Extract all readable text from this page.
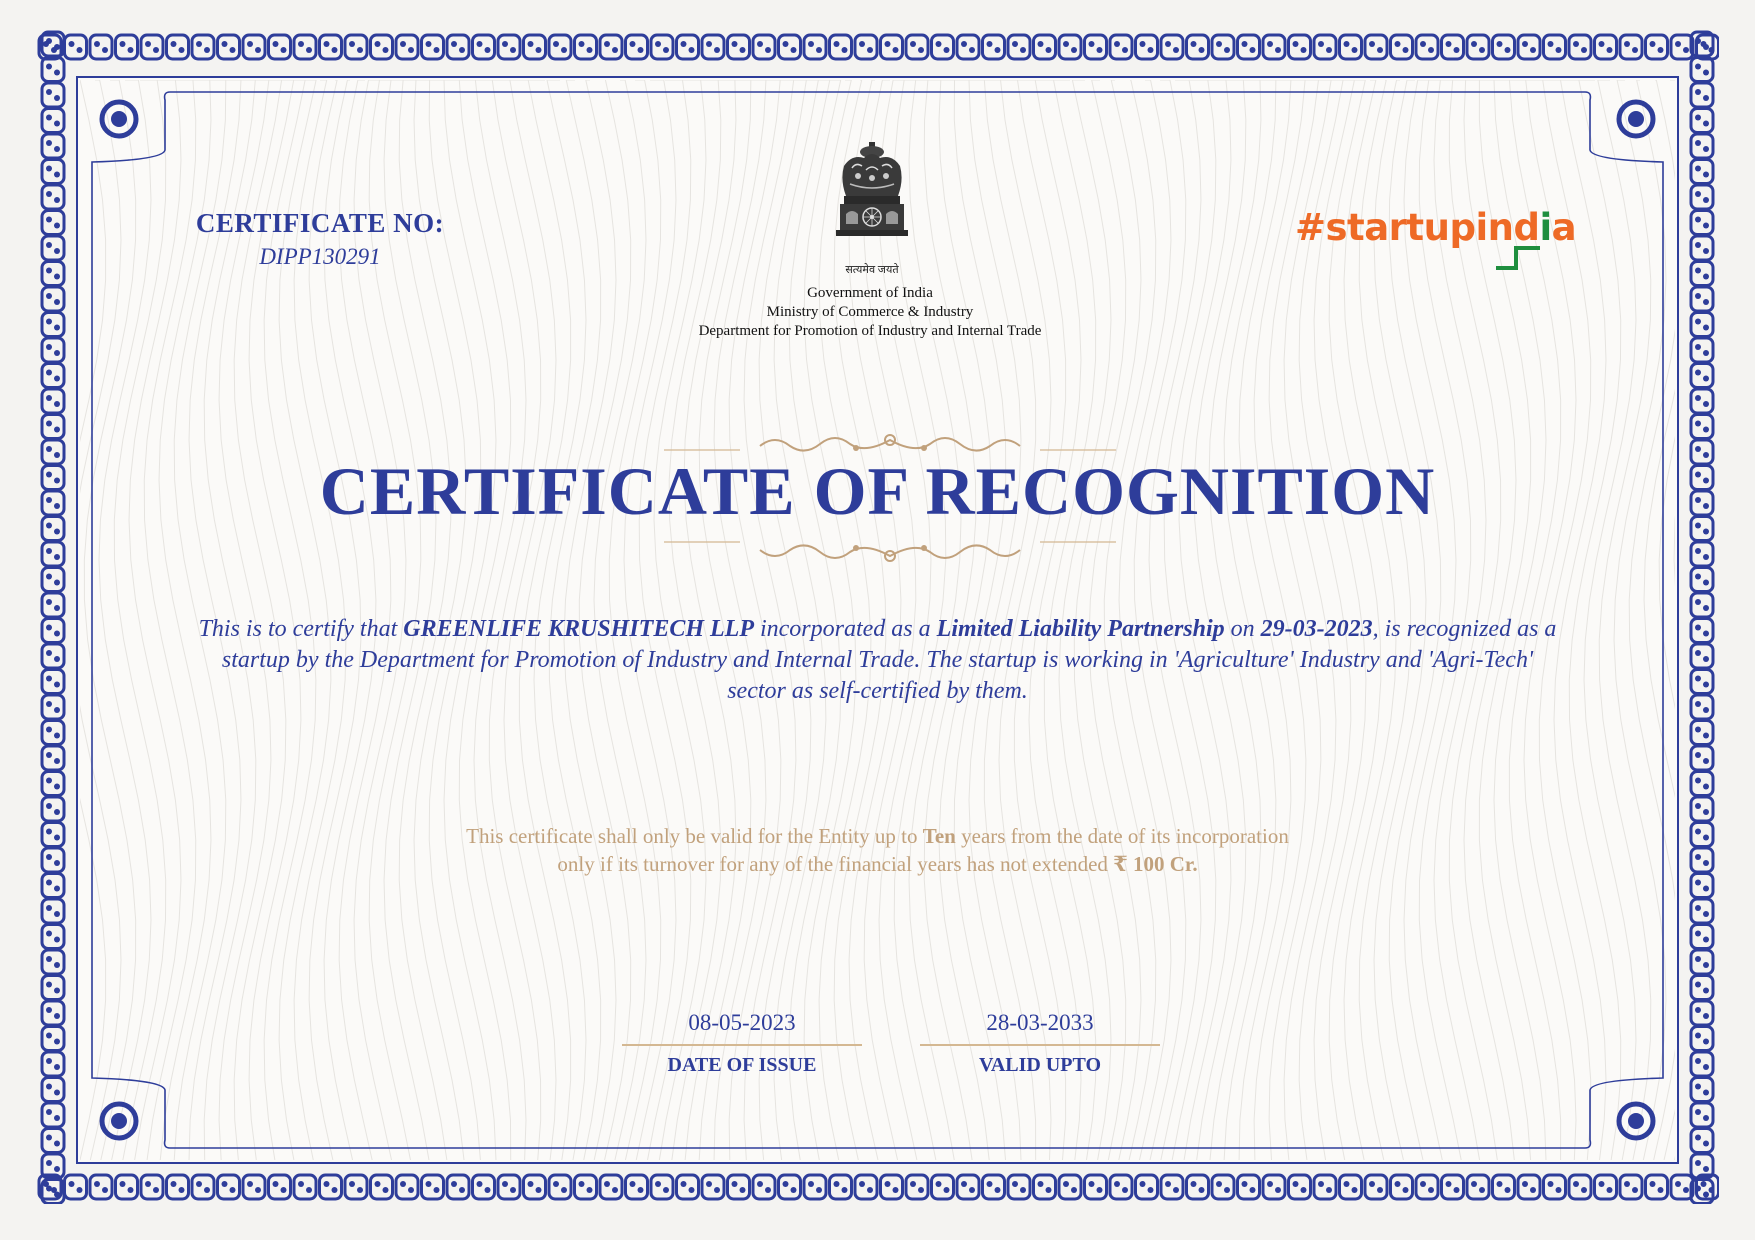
CERTIFICATE NO:
DIPP130291
सत्यमेव जयते
Government of India
Ministry of Commerce & Industry
Department for Promotion of Industry and Internal Trade
#startupindia
CERTIFICATE OF RECOGNITION
This is to certify that GREENLIFE KRUSHITECH LLP incorporated as a Limited Liability Partnership on 29-03-2023, is recognized as a startup by the Department for Promotion of Industry and Internal Trade. The startup is working in 'Agriculture' Industry and 'Agri-Tech' sector as self-certified by them.
This certificate shall only be valid for the Entity up to Ten years from the date of its incorporation
only if its turnover for any of the financial years has not extended ₹ 100 Cr.
08-05-2023
DATE OF ISSUE
28-03-2033
VALID UPTO
